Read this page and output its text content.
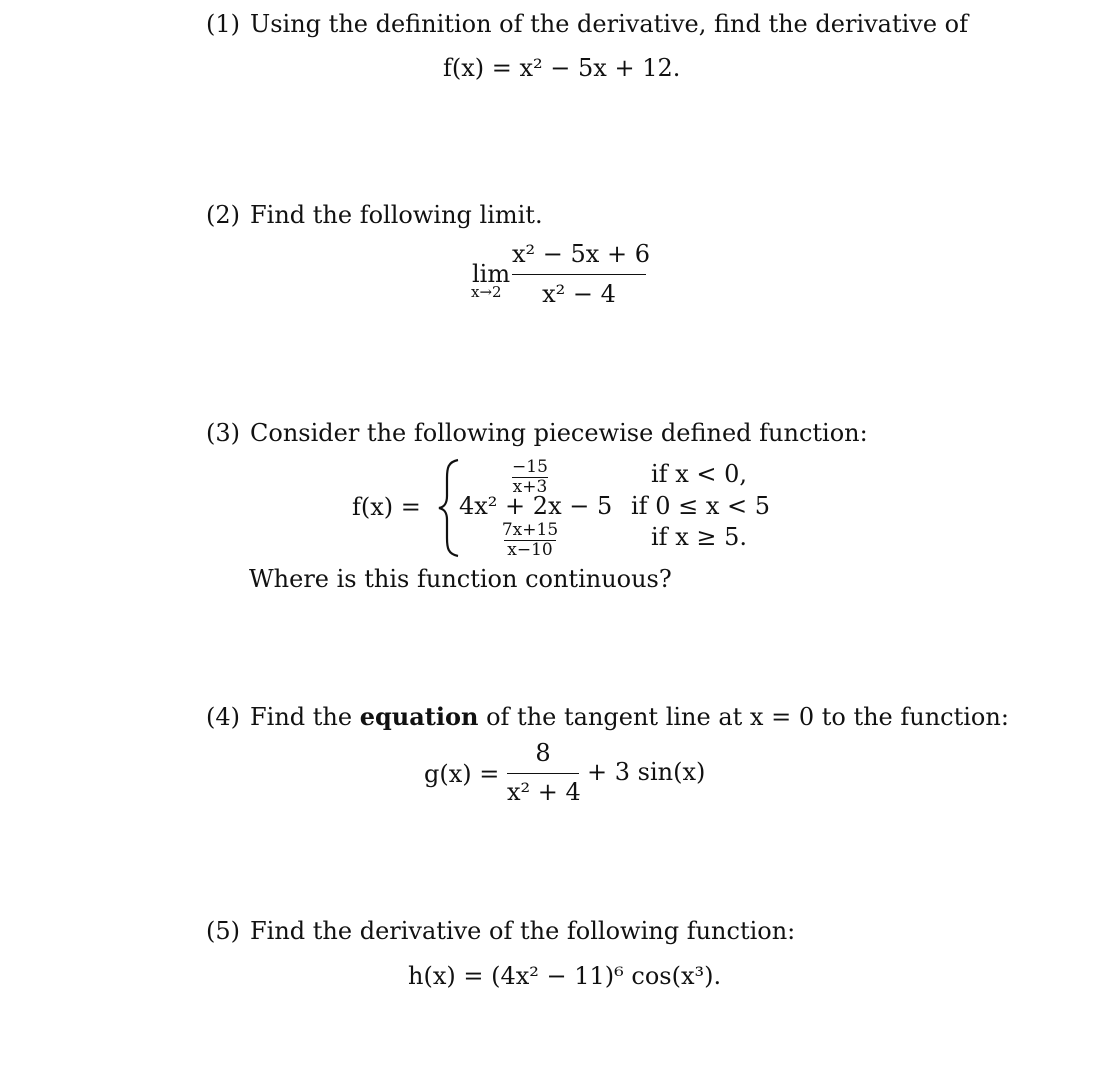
(1) Using the definition of the derivative, find the derivative of
f(x) = x² − 5x + 12.
(2) Find the following limit.
lim
x→2
x² − 5x + 6
x² − 4
(3) Consider the following piecewise defined function:
f(x) =
−15
x+3	if x < 0,
4x² + 2x − 5 if 0 ≤ x < 5
7x+15
x−10	if x ≥ 5.
Where is this function continuous?
(4) Find the equation of the tangent line at x = 0 to the function:
g(x) =
8
x² + 4
+ 3 sin(x)
(5) Find the derivative of the following function:
h(x) = (4x² − 11)⁶ cos(x³).
